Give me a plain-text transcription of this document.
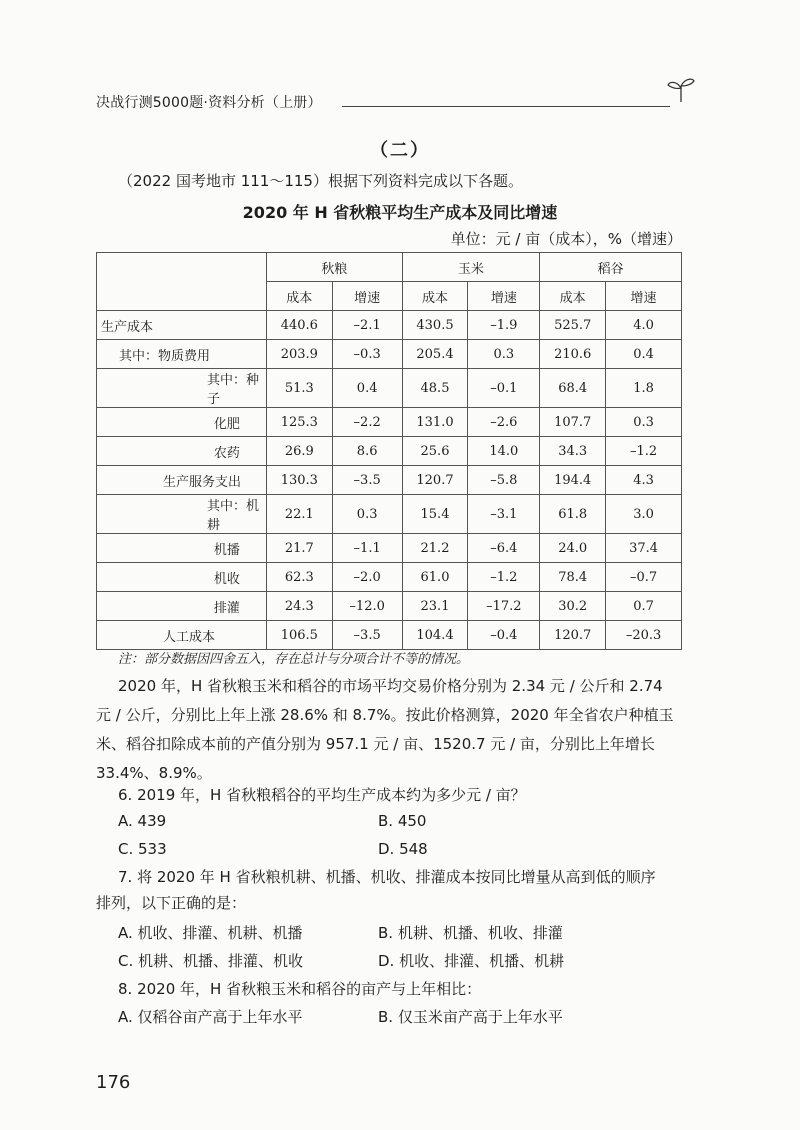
决战行测5000题·资料分析（上册）
（二）
（2022 国考地市 111～115）根据下列资料完成以下各题。
2020 年 H 省秋粮平均生产成本及同比增速
单位：元 / 亩（成本），%（增速）
	秋粮		玉米		稻谷	
	成本	增速	成本	增速	成本	增速
生产成本	440.6	–2.1	430.5	–1.9	525.7	4.0
其中：物质费用	203.9	–0.3	205.4	0.3	210.6	0.4
其中：种子	51.3	0.4	48.5	–0.1	68.4	1.8
化肥	125.3	–2.2	131.0	–2.6	107.7	0.3
农药	26.9	8.6	25.6	14.0	34.3	–1.2
生产服务支出	130.3	–3.5	120.7	–5.8	194.4	4.3
其中：机耕	22.1	0.3	15.4	–3.1	61.8	3.0
机播	21.7	–1.1	21.2	–6.4	24.0	37.4
机收	62.3	–2.0	61.0	–1.2	78.4	–0.7
排灌	24.3	–12.0	23.1	–17.2	30.2	0.7
人工成本	106.5	–3.5	104.4	–0.4	120.7	–20.3
注：部分数据因四舍五入，存在总计与分项合计不等的情况。
2020 年，H 省秋粮玉米和稻谷的市场平均交易价格分别为 2.34 元 / 公斤和 2.74 元 / 公斤，分别比上年上涨 28.6% 和 8.7%。按此价格测算，2020 年全省农户种植玉米、稻谷扣除成本前的产值分别为 957.1 元 / 亩、1520.7 元 / 亩，分别比上年增长 33.4%、8.9%。
6. 2019 年，H 省秋粮稻谷的平均生产成本约为多少元 / 亩？
A. 439	B. 450
C. 533	D. 548
7. 将 2020 年 H 省秋粮机耕、机播、机收、排灌成本按同比增量从高到低的顺序
排列，以下正确的是：
A. 机收、排灌、机耕、机播	B. 机耕、机播、机收、排灌
C. 机耕、机播、排灌、机收	D. 机收、排灌、机播、机耕
8. 2020 年，H 省秋粮玉米和稻谷的亩产与上年相比：
A. 仅稻谷亩产高于上年水平	B. 仅玉米亩产高于上年水平
176
